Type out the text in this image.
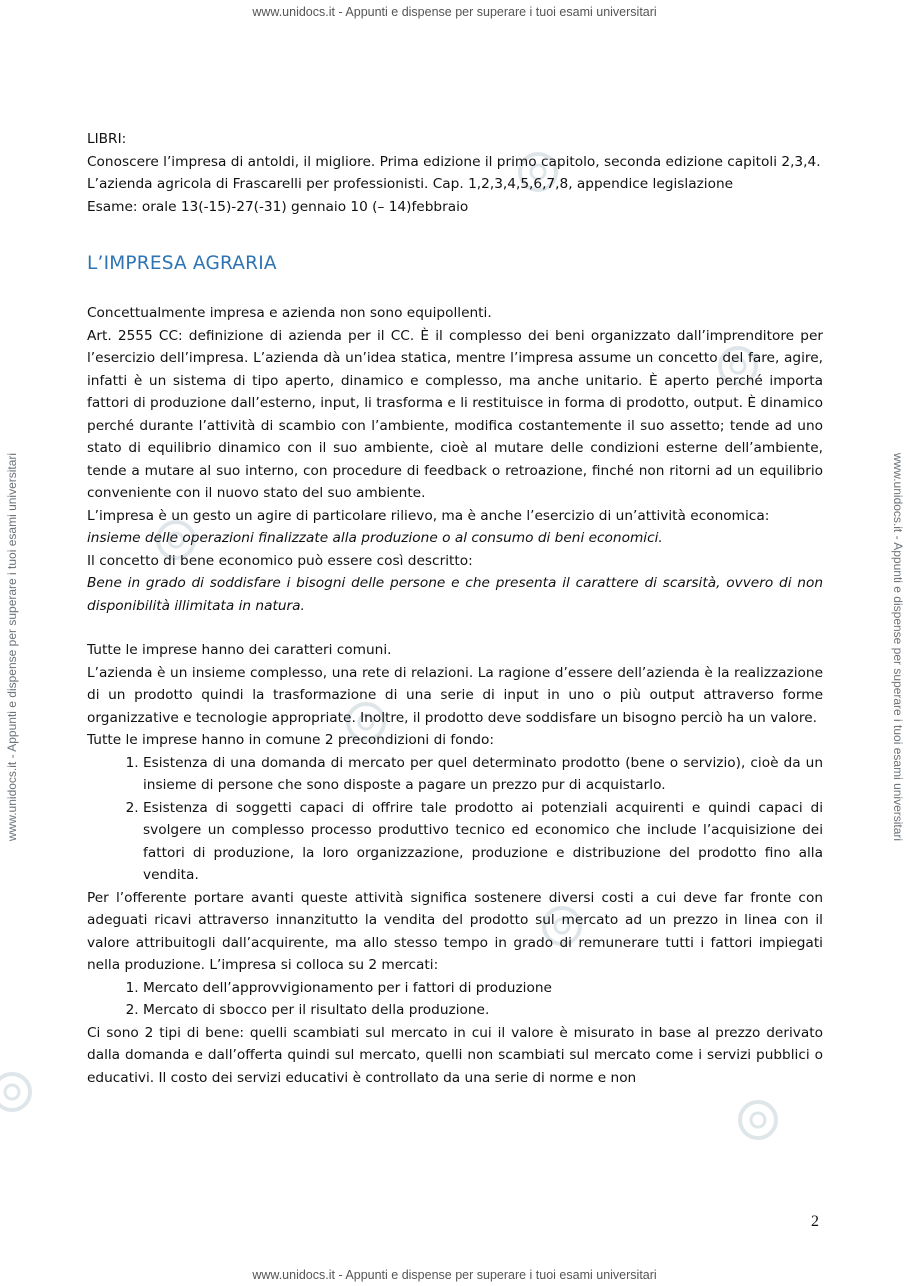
www.unidocs.it - Appunti e dispense per superare i tuoi esami universitari
www.unidocs.it - Appunti e dispense per superare i tuoi esami universitari
www.unidocs.it - Appunti e dispense per superare i tuoi esami universitari	www.unidocs.it - Appunti e dispense per superare i tuoi esami universitari

LIBRI:

Conoscere l’impresa di antoldi, il migliore. Prima edizione il primo capitolo, seconda edizione capitoli 2,3,4.

L’azienda agricola di Frascarelli per professionisti. Cap. 1,2,3,4,5,6,7,8, appendice legislazione

Esame: orale 13(-15)-27(-31) gennaio 10 (– 14)febbraio

L’IMPRESA AGRARIA

Concettualmente impresa e azienda non sono equipollenti.

Art. 2555 CC: definizione di azienda per il CC. È il complesso dei beni organizzato dall’imprenditore per l’esercizio dell’impresa. L’azienda dà un’idea statica, mentre l’impresa assume un concetto del fare, agire, infatti è un sistema di tipo aperto, dinamico e complesso, ma anche unitario. È aperto perché importa fattori di produzione dall’esterno, input, li trasforma e li restituisce in forma di prodotto, output. È dinamico perché durante l’attività di scambio con l’ambiente, modifica costantemente il suo assetto; tende ad uno stato di equilibrio dinamico con il suo ambiente, cioè al mutare delle condizioni esterne dell’ambiente, tende a mutare al suo interno, con procedure di feedback o retroazione, finché non ritorni ad un equilibrio conveniente con il nuovo stato del suo ambiente.

L’impresa è un gesto un agire di particolare rilievo, ma è anche l’esercizio di un’attività economica:

insieme delle operazioni finalizzate alla produzione o al consumo di beni economici.

Il concetto di bene economico può essere così descritto:

Bene in grado di soddisfare i bisogni delle persone e che presenta il carattere di scarsità, ovvero di non disponibilità illimitata in natura.

Tutte le imprese hanno dei caratteri comuni.

L’azienda è un insieme complesso, una rete di relazioni. La ragione d’essere dell’azienda è la realizzazione di un prodotto quindi la trasformazione di una serie di input in uno o più output attraverso forme organizzative e tecnologie appropriate. Inoltre, il prodotto deve soddisfare un bisogno perciò ha un valore.

Tutte le imprese hanno in comune 2 precondizioni di fondo:

1. Esistenza di una domanda di mercato per quel determinato prodotto (bene o servizio), cioè da un insieme di persone che sono disposte a pagare un prezzo pur di acquistarlo.
2. Esistenza di soggetti capaci di offrire tale prodotto ai potenziali acquirenti e quindi capaci di svolgere un complesso processo produttivo tecnico ed economico che include l’acquisizione dei fattori di produzione, la loro organizzazione, produzione e distribuzione del prodotto fino alla vendita.

Per l’offerente portare avanti queste attività significa sostenere diversi costi a cui deve far fronte con adeguati ricavi attraverso innanzitutto la vendita del prodotto sul mercato ad un prezzo in linea con il valore attribuitogli dall’acquirente, ma allo stesso tempo in grado di remunerare tutti i fattori impiegati nella produzione. L’impresa si colloca su 2 mercati:

1. Mercato dell’approvvigionamento per i fattori di produzione
2. Mercato di sbocco per il risultato della produzione.

Ci sono 2 tipi di bene: quelli scambiati sul mercato in cui il valore è misurato in base al prezzo derivato dalla domanda e dall’offerta quindi sul mercato, quelli non scambiati sul mercato come i servizi pubblici o educativi. Il costo dei servizi educativi è controllato da una serie di norme e non

2
